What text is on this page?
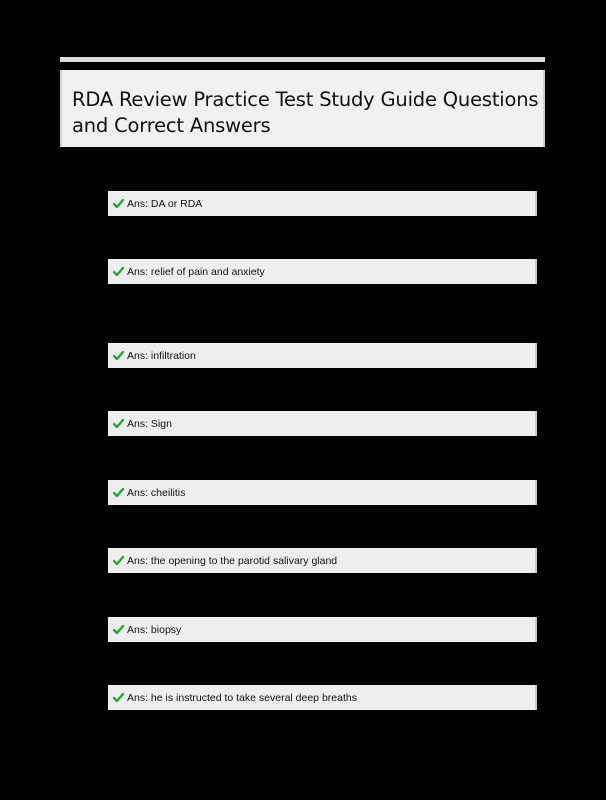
RDA Review Practice Test Study Guide Questions and Correct Answers
Ans: DA or RDA
Ans: relief of pain and anxiety
Ans: infiltration
Ans: Sign
Ans: cheilitis
Ans: the opening to the parotid salivary gland
Ans: biopsy
Ans: he is instructed to take several deep breaths
